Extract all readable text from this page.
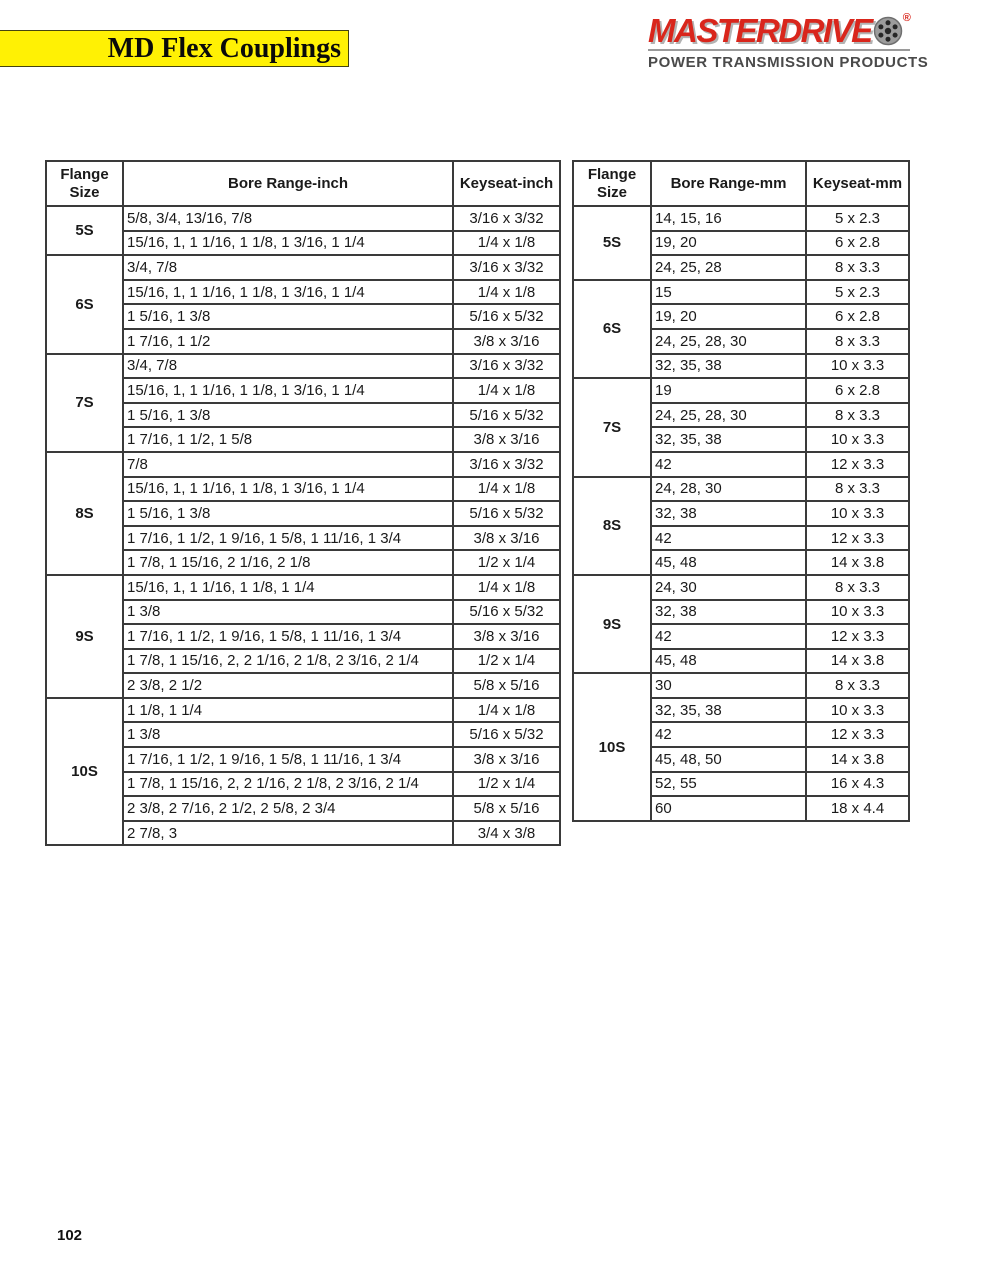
MD Flex Couplings	MASTERDRIVE	®
POWER TRANSMISSION PRODUCTS
Flange Size	Bore Range-inch	Keyseat-inch
5S	5/8, 3/4, 13/16, 7/8	3/16 x 3/32
	15/16, 1, 1 1/16, 1 1/8, 1 3/16, 1 1/4	1/4 x 1/8
6S	3/4, 7/8	3/16 x 3/32
	15/16, 1, 1 1/16, 1 1/8, 1 3/16, 1 1/4	1/4 x 1/8
	1 5/16, 1 3/8	5/16 x 5/32
	1 7/16, 1 1/2	3/8 x 3/16
7S	3/4, 7/8	3/16 x 3/32
	15/16, 1, 1 1/16, 1 1/8, 1 3/16, 1 1/4	1/4 x 1/8
	1 5/16, 1 3/8	5/16 x 5/32
	1 7/16, 1 1/2, 1 5/8	3/8 x 3/16
8S	7/8	3/16 x 3/32
	15/16, 1, 1 1/16, 1 1/8, 1 3/16, 1 1/4	1/4 x 1/8
	1 5/16, 1 3/8	5/16 x 5/32
	1 7/16, 1 1/2, 1 9/16, 1 5/8, 1 11/16, 1 3/4	3/8 x 3/16
	1 7/8, 1 15/16, 2 1/16, 2 1/8	1/2 x 1/4
9S	15/16, 1, 1 1/16, 1 1/8, 1 1/4	1/4 x 1/8
	1 3/8	5/16 x 5/32
	1 7/16, 1 1/2, 1 9/16, 1 5/8, 1 11/16, 1 3/4	3/8 x 3/16
	1 7/8, 1 15/16, 2, 2 1/16, 2 1/8, 2 3/16, 2 1/4	1/2 x 1/4
	2 3/8, 2 1/2	5/8 x 5/16
10S	1 1/8, 1 1/4	1/4 x 1/8
	1 3/8	5/16 x 5/32
	1 7/16, 1 1/2, 1 9/16, 1 5/8, 1 11/16, 1 3/4	3/8 x 3/16
	1 7/8, 1 15/16, 2, 2 1/16, 2 1/8, 2 3/16, 2 1/4	1/2 x 1/4
	2 3/8, 2 7/16, 2 1/2, 2 5/8, 2 3/4	5/8 x 5/16
	2 7/8, 3	3/4 x 3/8
Flange Size	Bore Range-mm	Keyseat-mm
5S	14, 15, 16	5 x 2.3
	19, 20	6 x 2.8
	24, 25, 28	8 x 3.3
6S	15	5 x 2.3
	19, 20	6 x 2.8
	24, 25, 28, 30	8 x 3.3
	32, 35, 38	10 x 3.3
7S	19	6 x 2.8
	24, 25, 28, 30	8 x 3.3
	32, 35, 38	10 x 3.3
	42	12 x 3.3
8S	24, 28, 30	8 x 3.3
	32, 38	10 x 3.3
	42	12 x 3.3
	45, 48	14 x 3.8
9S	24, 30	8 x 3.3
	32, 38	10 x 3.3
	42	12 x 3.3
	45, 48	14 x 3.8
10S	30	8 x 3.3
	32, 35, 38	10 x 3.3
	42	12 x 3.3
	45, 48, 50	14 x 3.8
	52, 55	16 x 4.3
	60	18 x 4.4
102
